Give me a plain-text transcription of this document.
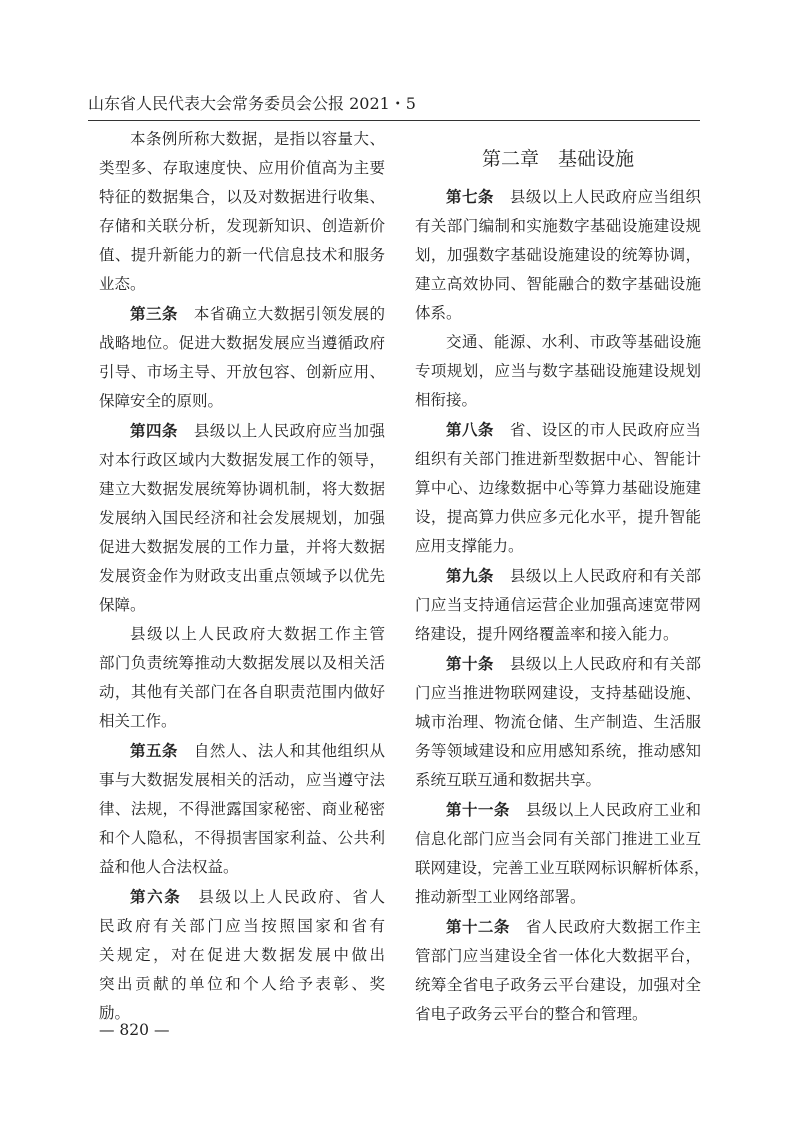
山东省人民代表大会常务委员会公报 2021・5
本条例所称大数据，是指以容量大、
类型多、存取速度快、应用价值高为主要
特征的数据集合，以及对数据进行收集、
存储和关联分析，发现新知识、创造新价
值、提升新能力的新一代信息技术和服务
业态。
第三条　 本省确立大数据引领发展的
战略地位。促进大数据发展应当遵循政府
引导、市场主导、开放包容、创新应用、
保障安全的原则。
第四条　 县级以上人民政府应当加强
对本行政区域内大数据发展工作的领导，
建立大数据发展统筹协调机制，将大数据
发展纳入国民经济和社会发展规划，加强
促进大数据发展的工作力量，并将大数据
发展资金作为财政支出重点领域予以优先
保障。
县级以上人民政府大数据工作主管
部门负责统筹推动大数据发展以及相关活
动，其他有关部门在各自职责范围内做好
相关工作。
第五条　 自然人、法人和其他组织从
事与大数据发展相关的活动，应当遵守法
律、法规，不得泄露国家秘密、商业秘密
和个人隐私，不得损害国家利益、公共利
益和他人合法权益。
第六条　 县级以上人民政府、省人
民政府有关部门应当按照国家和省有
关规定，对在促进大数据发展中做出
突出贡献的单位和个人给予表彰、奖
励。
第二章　基础设施
第七条　 县级以上人民政府应当组织
有关部门编制和实施数字基础设施建设规
划，加强数字基础设施建设的统筹协调，
建立高效协同、智能融合的数字基础设施
体系。
交通、能源、水利、市政等基础设施
专项规划，应当与数字基础设施建设规划
相衔接。
第八条　 省、设区的市人民政府应当
组织有关部门推进新型数据中心、智能计
算中心、边缘数据中心等算力基础设施建
设，提高算力供应多元化水平，提升智能
应用支撑能力。
第九条　 县级以上人民政府和有关部
门应当支持通信运营企业加强高速宽带网
络建设，提升网络覆盖率和接入能力。
第十条　 县级以上人民政府和有关部
门应当推进物联网建设，支持基础设施、
城市治理、物流仓储、生产制造、生活服
务等领域建设和应用感知系统，推动感知
系统互联互通和数据共享。
第十一条　 县级以上人民政府工业和
信息化部门应当会同有关部门推进工业互
联网建设，完善工业互联网标识解析体系，
推动新型工业网络部署。
第十二条　 省人民政府大数据工作主
管部门应当建设全省一体化大数据平台，
统筹全省电子政务云平台建设，加强对全
省电子政务云平台的整合和管理。
— 820 —
